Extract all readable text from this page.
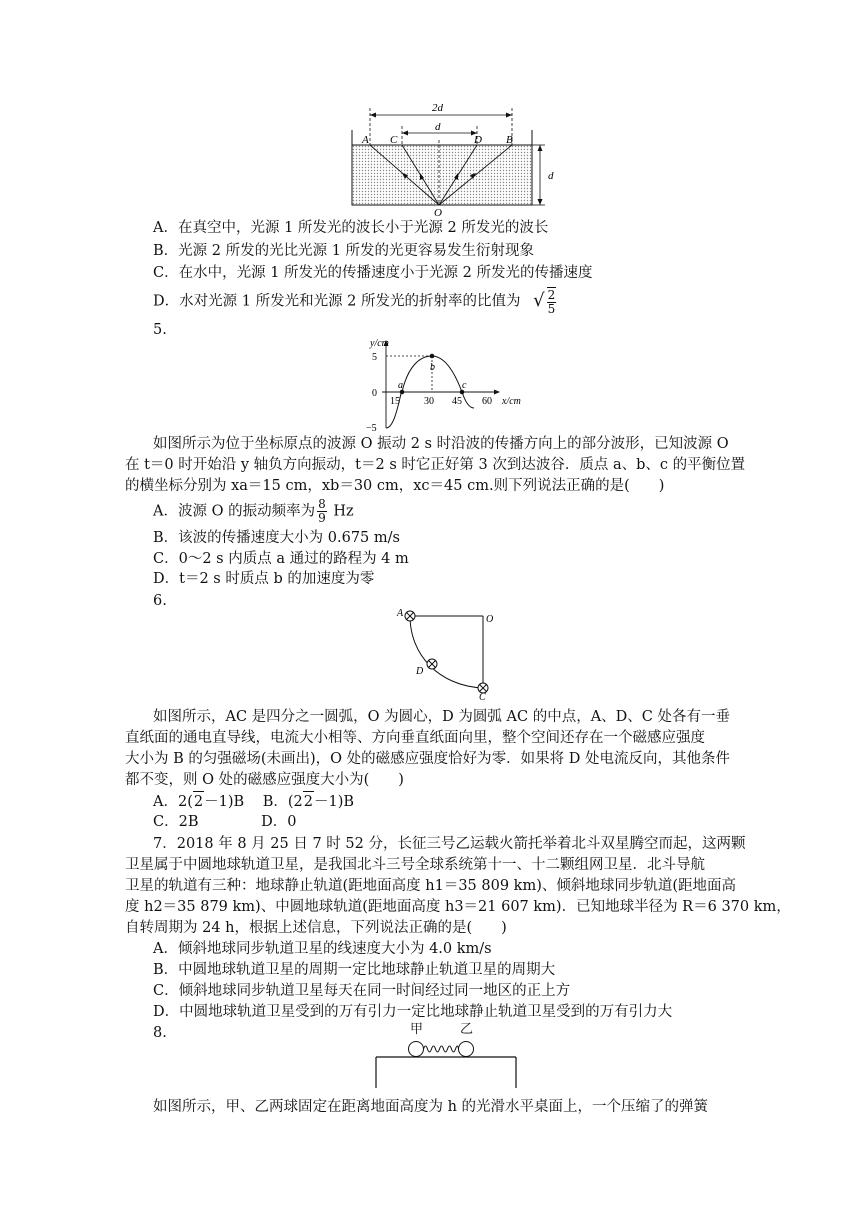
2d
d
d
A C	D B
O
A．在真空中，光源 1 所发光的波长小于光源 2 所发光的波长
B．光源 2 所发的光比光源 1 所发的光更容易发生衍射现象
C．在水中，光源 1 所发光的传播速度小于光源 2 所发光的传播速度
D．水对光源 1 所发光和光源 2 所发光的折射率的比值为 √ $\frac{2}{5}$
5.
y/cm
x/cm
5
0
−5
15 30 45 60
a
b
c
如图所示为位于坐标原点的波源 O 振动 2 s 时沿波的传播方向上的部分波形，已知波源 O
在 t＝0 时开始沿 y 轴负方向振动，t＝2 s 时它正好第 3 次到达波谷．质点 a、b、c 的平衡位置
的横坐标分别为 xa＝15 cm，xb＝30 cm，xc＝45 cm.则下列说法正确的是(　　)
A．波源 O 的振动频率为 $\frac{8}{9}$ Hz
B．该波的传播速度大小为 0.675 m/s
C．0～2 s 内质点 a 通过的路程为 4 m
D．t＝2 s 时质点 b 的加速度为零
6.
A
O
D
C
如图所示，AC 是四分之一圆弧，O 为圆心，D 为圆弧 AC 的中点，A、D、C 处各有一垂
直纸面的通电直导线，电流大小相等、方向垂直纸面向里，整个空间还存在一个磁感应强度
大小为 B 的匀强磁场(未画出)，O 处的磁感应强度恰好为零．如果将 D 处电流反向，其他条件
都不变，则 O 处的磁感应强度大小为(　　)
A．2(2－1)B B．(22－1)B
C．2B	D．0
7．2018 年 8 月 25 日 7 时 52 分，长征三号乙运载火箭托举着北斗双星腾空而起，这两颗
卫星属于中圆地球轨道卫星，是我国北斗三号全球系统第十一、十二颗组网卫星．北斗导航
卫星的轨道有三种：地球静止轨道(距地面高度 h1＝35 809 km)、倾斜地球同步轨道(距地面高
度 h2＝35 879 km)、中圆地球轨道(距地面高度 h3＝21 607 km)．已知地球半径为 R＝6 370 km，
自转周期为 24 h，根据上述信息，下列说法正确的是(　　)
A．倾斜地球同步轨道卫星的线速度大小为 4.0 km/s
B．中圆地球轨道卫星的周期一定比地球静止轨道卫星的周期大
C．倾斜地球同步轨道卫星每天在同一时间经过同一地区的正上方
D．中圆地球轨道卫星受到的万有引力一定比地球静止轨道卫星受到的万有引力大
8.	甲	乙
如图所示，甲、乙两球固定在距离地面高度为 h 的光滑水平桌面上，一个压缩了的弹簧
